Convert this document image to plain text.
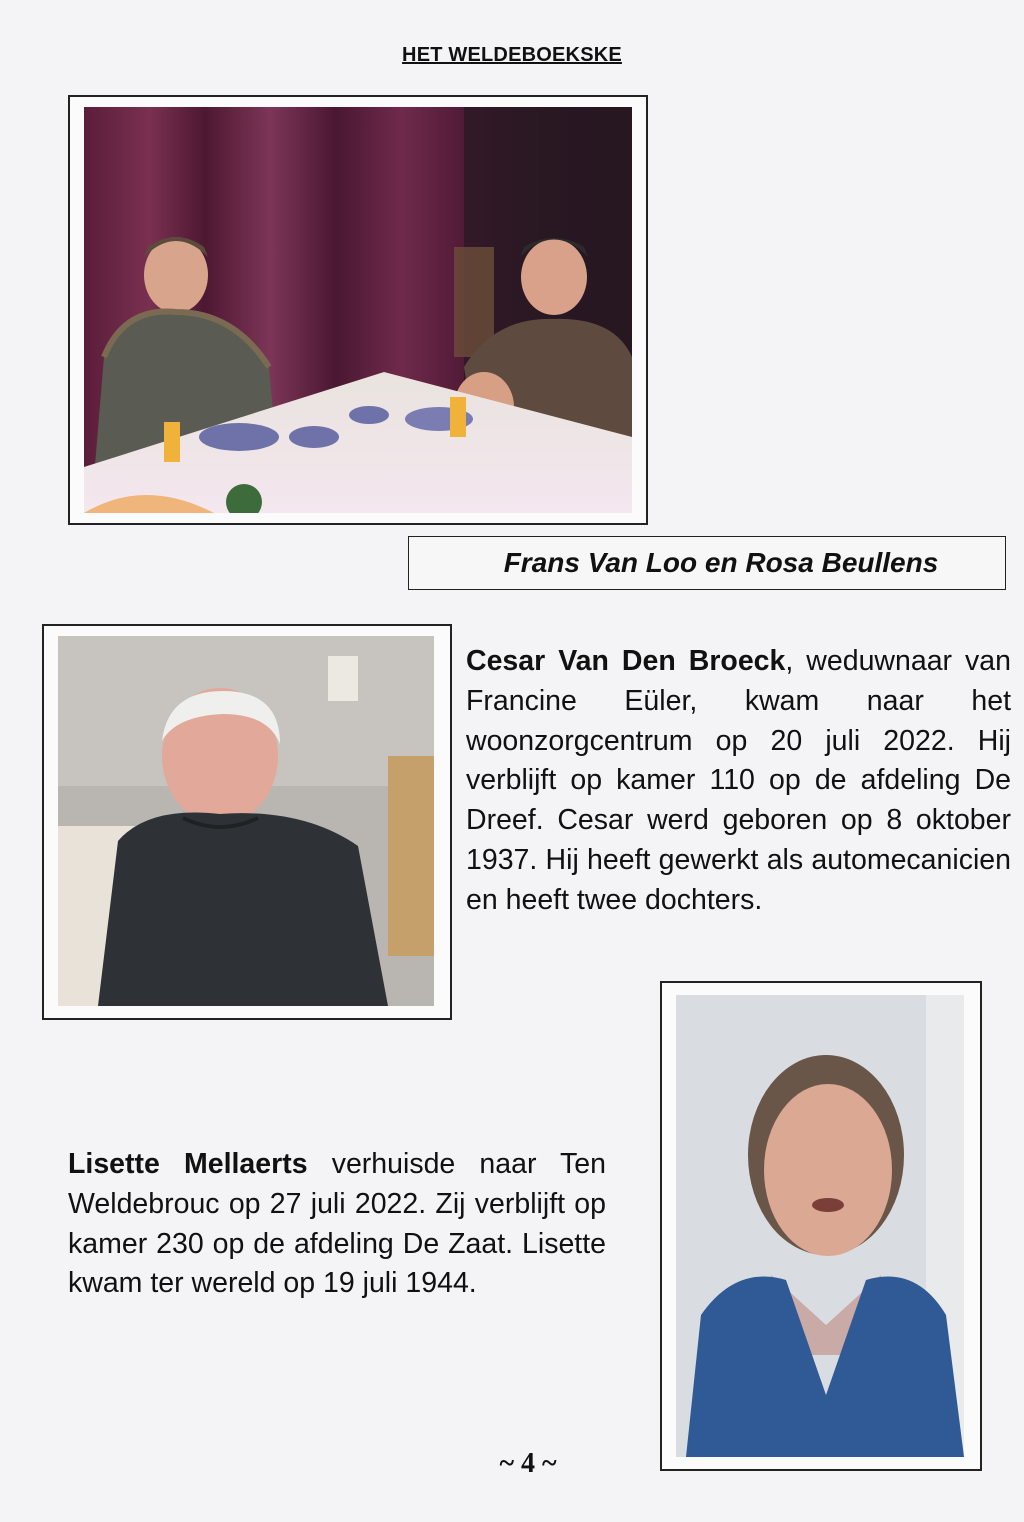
HET WELDEBOEKSKE
Frans Van Loo en Rosa Beullens
Cesar Van Den Broeck, weduwnaar van Francine Eüler, kwam naar het woonzorgcentrum op 20 juli 2022. Hij verblijft op kamer 110 op de afdeling De Dreef. Cesar werd geboren op 8 oktober 1937. Hij heeft gewerkt als automecanicien en heeft twee dochters.
Lisette Mellaerts verhuisde naar Ten Weldebrouc op 27 juli 2022. Zij verblijft op kamer 230 op de afdeling De Zaat. Lisette kwam ter wereld op 19 juli 1944.
~ 4 ~
